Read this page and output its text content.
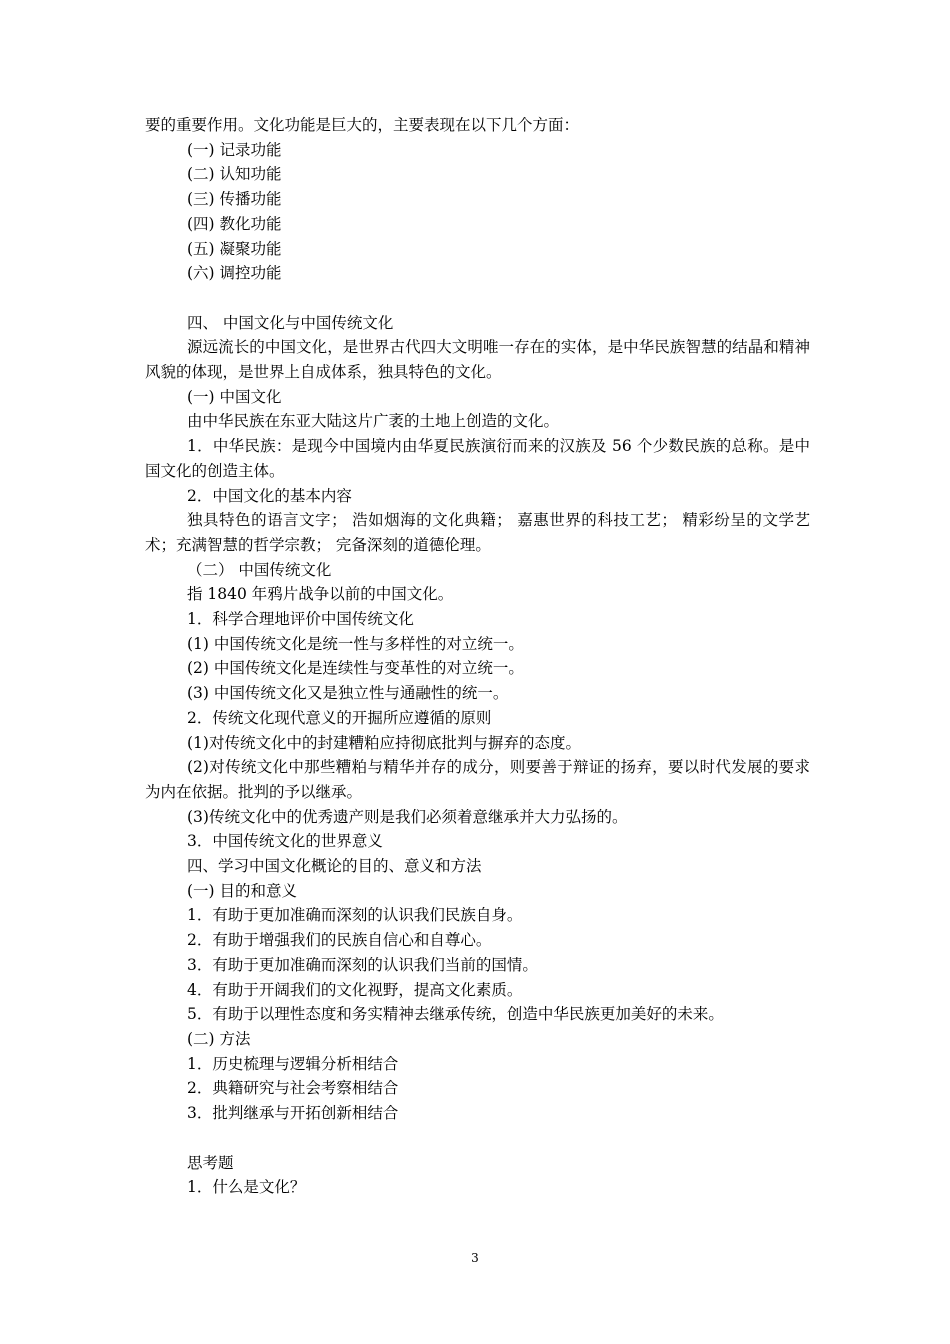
要的重要作用。文化功能是巨大的，主要表现在以下几个方面：
(一) 记录功能
(二) 认知功能
(三) 传播功能
(四) 教化功能
(五) 凝聚功能
(六) 调控功能
四、 中国文化与中国传统文化
源远流长的中国文化，是世界古代四大文明唯一存在的实体，是中华民族智慧的结晶和精神风貌的体现，是世界上自成体系，独具特色的文化。
(一) 中国文化
由中华民族在东亚大陆这片广袤的土地上创造的文化。
1．中华民族：是现今中国境内由华夏民族演衍而来的汉族及 56 个少数民族的总称。是中国文化的创造主体。
2．中国文化的基本内容
独具特色的语言文字； 浩如烟海的文化典籍； 嘉惠世界的科技工艺； 精彩纷呈的文学艺术；充满智慧的哲学宗教； 完备深刻的道德伦理。
（二） 中国传统文化
指 1840 年鸦片战争以前的中国文化。
1．科学合理地评价中国传统文化
(1) 中国传统文化是统一性与多样性的对立统一。
(2) 中国传统文化是连续性与变革性的对立统一。
(3) 中国传统文化又是独立性与通融性的统一。
2．传统文化现代意义的开掘所应遵循的原则
(1)对传统文化中的封建糟粕应持彻底批判与摒弃的态度。
(2)对传统文化中那些糟粕与精华并存的成分，则要善于辩证的扬弃，要以时代发展的要求为内在依据。批判的予以继承。
(3)传统文化中的优秀遗产则是我们必须着意继承并大力弘扬的。
3．中国传统文化的世界意义
四、学习中国文化概论的目的、意义和方法
(一) 目的和意义
1．有助于更加准确而深刻的认识我们民族自身。
2．有助于增强我们的民族自信心和自尊心。
3．有助于更加准确而深刻的认识我们当前的国情。
4．有助于开阔我们的文化视野，提高文化素质。
5．有助于以理性态度和务实精神去继承传统，创造中华民族更加美好的未来。
(二) 方法
1．历史梳理与逻辑分析相结合
2．典籍研究与社会考察相结合
3．批判继承与开拓创新相结合
思考题
1．什么是文化？
3
